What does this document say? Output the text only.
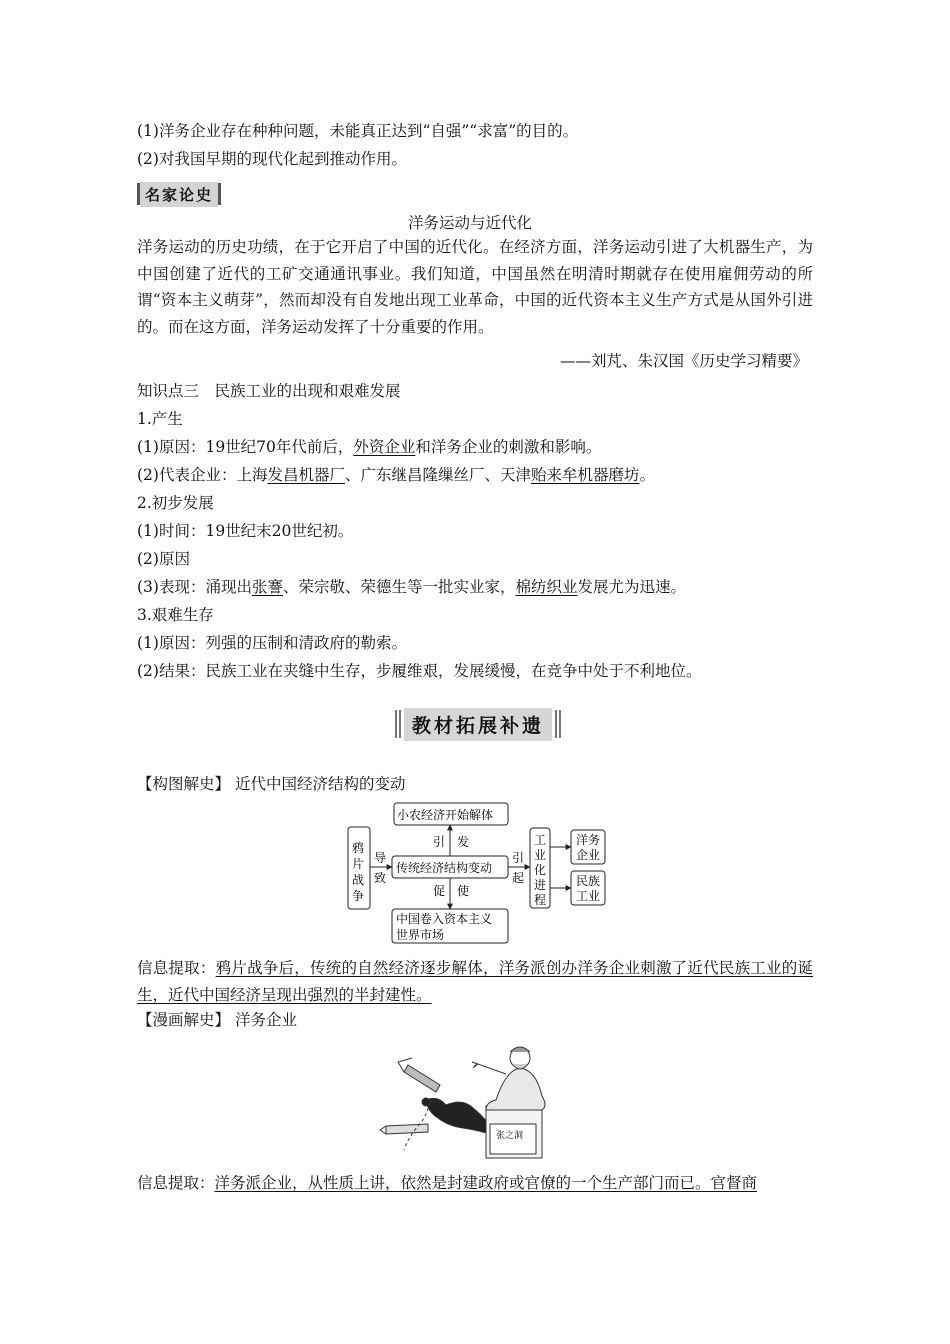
(1)洋务企业存在种种问题，未能真正达到“自强”“求富”的目的。
(2)对我国早期的现代化起到推动作用。
名家论史
洋务运动与近代化
洋务运动的历史功绩，在于它开启了中国的近代化。在经济方面，洋务运动引进了大机器生产，为中国创建了近代的工矿交通通讯事业。我们知道，中国虽然在明清时期就存在使用雇佣劳动的所谓“资本主义萌芽”，然而却没有自发地出现工业革命，中国的近代资本主义生产方式是从国外引进的。而在这方面，洋务运动发挥了十分重要的作用。
——刘芃、朱汉国《历史学习精要》
知识点三　民族工业的出现和艰难发展
1.产生
(1)原因：19世纪70年代前后，外资企业和洋务企业的刺激和影响。
(2)代表企业：上海发昌机器厂、广东继昌隆缫丝厂、天津贻来牟机器磨坊。
2.初步发展
(1)时间：19世纪末20世纪初。
(2)原因
(3)表现：涌现出张謇、荣宗敬、荣德生等一批实业家，棉纺织业发展尤为迅速。
3.艰难生存
(1)原因：列强的压制和清政府的勒索。
(2)结果：民族工业在夹缝中生存，步履维艰，发展缓慢，在竞争中处于不利地位。
教材拓展补遗
【构图解史】 近代中国经济结构的变动
鸦
片
战
争
导
致
小农经济开始解体
引　发
传统经济结构变动
促　使
中国卷入资本主义
世界市场
引
起
工业化进程
洋务
企业
民族
工业
信息提取：鸦片战争后，传统的自然经济逐步解体，洋务派创办洋务企业刺激了近代民族工业的诞生，近代中国经济呈现出强烈的半封建性。
【漫画解史】 洋务企业
张之洞
信息提取：洋务派企业，从性质上讲，依然是封建政府或官僚的一个生产部门而已。官督商
